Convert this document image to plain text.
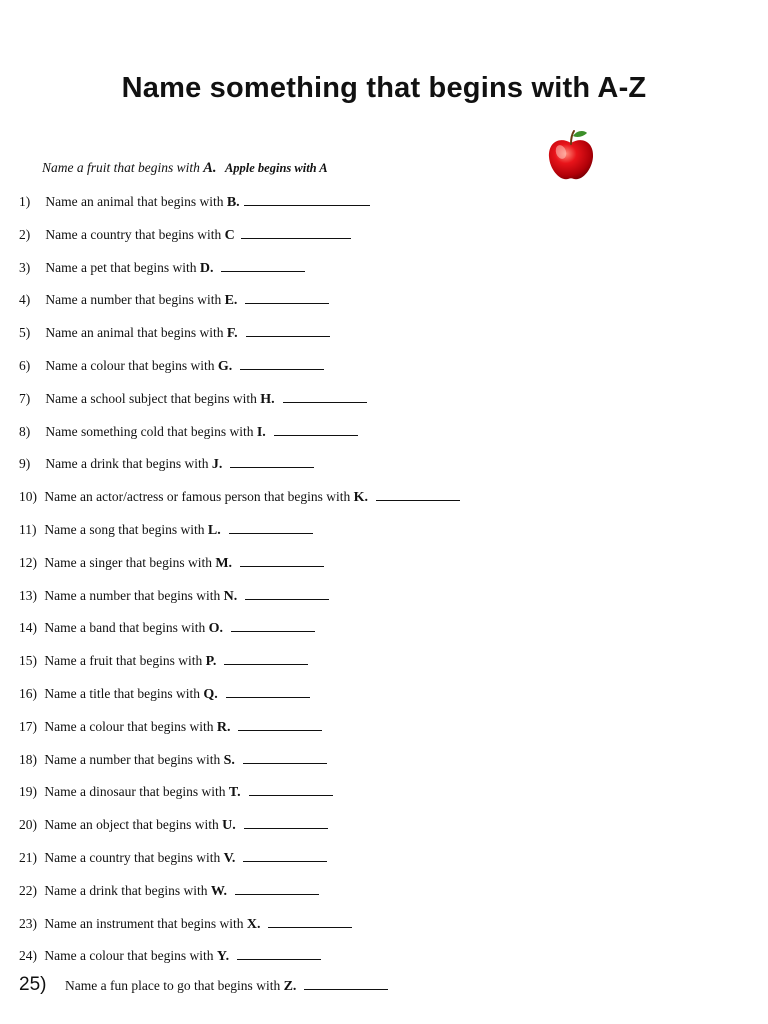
Name something that begins with A-Z
Name a fruit that begins with A. Apple begins with A
1) Name an animal that begins with B.
2) Name a country that begins with C
3) Name a pet that begins with D.
4) Name a number that begins with E.
5) Name an animal that begins with F.
6) Name a colour that begins with G.
7) Name a school subject that begins with H.
8) Name something cold that begins with I.
9) Name a drink that begins with J.
10) Name an actor/actress or famous person that begins with K.
11) Name a song that begins with L.
12) Name a singer that begins with M.
13) Name a number that begins with N.
14) Name a band that begins with O.
15) Name a fruit that begins with P.
16) Name a title that begins with Q.
17) Name a colour that begins with R.
18) Name a number that begins with S.
19) Name a dinosaur that begins with T.
20) Name an object that begins with U.
21) Name a country that begins with V.
22) Name a drink that begins with W.
23) Name an instrument that begins with X.
24) Name a colour that begins with Y.
25) Name a fun place to go that begins with Z.
